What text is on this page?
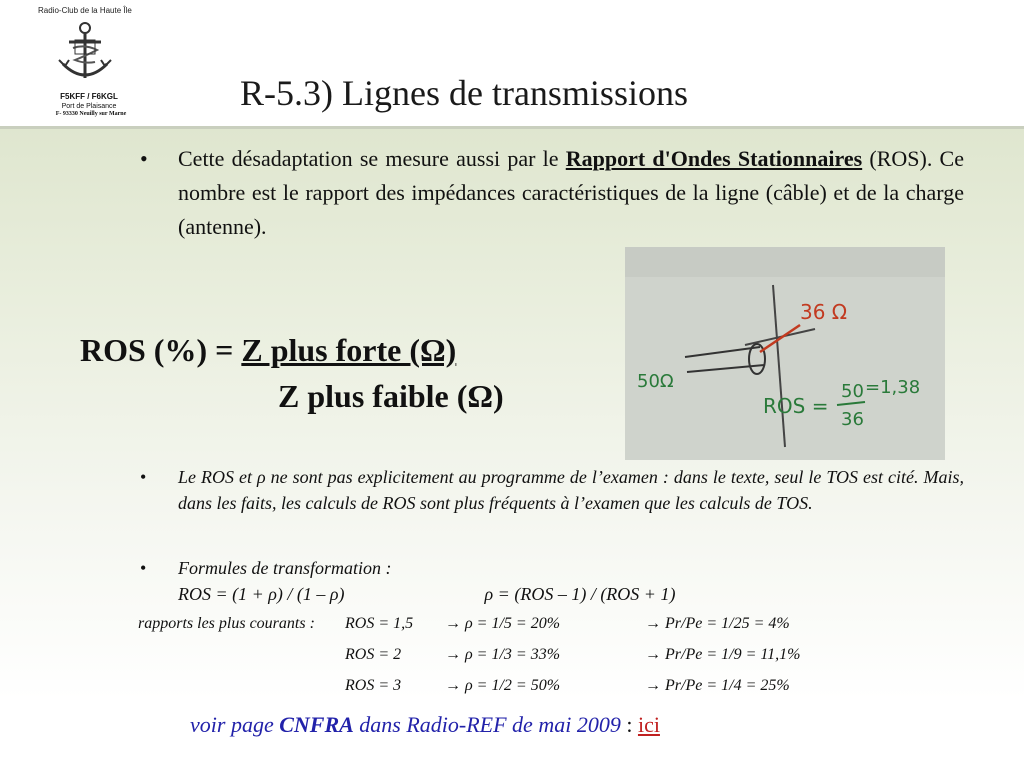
Radio-Club de la Haute Île
F5KFF / F6KGL
Port de Plaisance
F- 93330 Neuilly sur Marne
R-5.3) Lignes de transmissions
•	Cette désadaptation se mesure aussi par le Rapport d'Ondes Stationnaires (ROS). Ce nombre est le rapport des impédances caractéristiques de la ligne (câble) et de la charge (antenne).
ROS (%) = Z plus forte (Ω)
Z plus faible (Ω)
36 Ω
50Ω
ROS =
50
36
=1,38
•	Le ROS et ρ ne sont pas explicitement au programme de l’examen : dans le texte, seul le TOS est cité. Mais, dans les faits, les calculs de ROS sont plus fréquents à l’examen que les calculs de TOS.
•	Formules de transformation :
ROS = (1 + ρ) / (1 – ρ)	ρ = (ROS – 1) / (ROS + 1)
rapports les plus courants : ROS = 1,5 → ρ = 1/5 = 20%	→ Pr/Pe = 1/25 = 4%
ROS = 2	→ ρ = 1/3 = 33%	→ Pr/Pe = 1/9 = 11,1%
ROS = 3	→ ρ = 1/2 = 50%	→ Pr/Pe = 1/4 = 25%
voir page CNFRA dans Radio-REF de mai 2009 : ici
